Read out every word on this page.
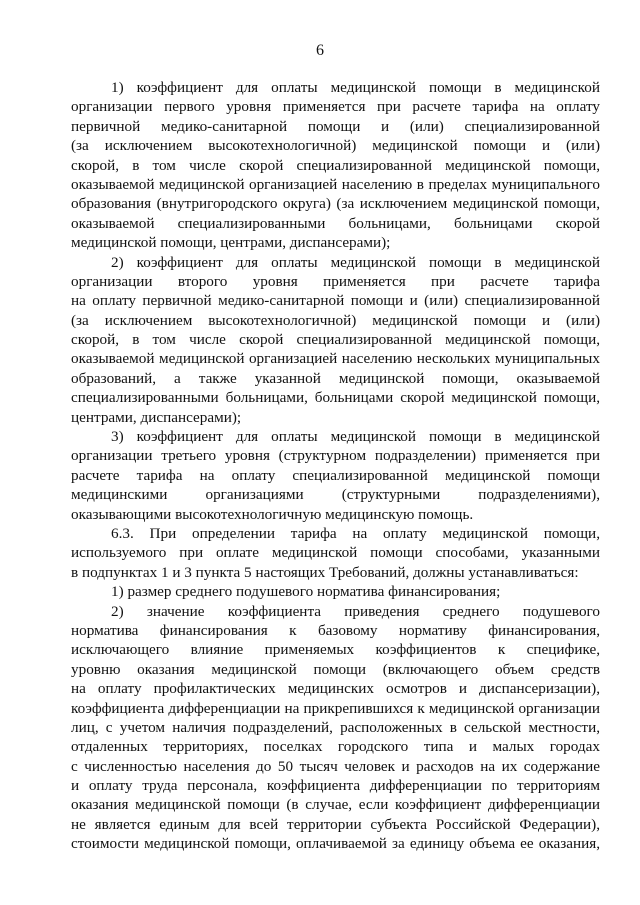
6
1) коэффициент для оплаты медицинской помощи в медицинской
организации первого уровня применяется при расчете тарифа на оплату
первичной медико-санитарной помощи и (или) специализированной
(за исключением высокотехнологичной) медицинской помощи и (или)
скорой, в том числе скорой специализированной медицинской помощи,
оказываемой медицинской организацией населению в пределах муниципального
образования (внутригородского округа) (за исключением медицинской помощи,
оказываемой специализированными больницами, больницами скорой
медицинской помощи, центрами, диспансерами);
2) коэффициент для оплаты медицинской помощи в медицинской
организации второго уровня применяется при расчете тарифа
на оплату первичной медико-санитарной помощи и (или) специализированной
(за исключением высокотехнологичной) медицинской помощи и (или)
скорой, в том числе скорой специализированной медицинской помощи,
оказываемой медицинской организацией населению нескольких муниципальных
образований, а также указанной медицинской помощи, оказываемой
специализированными больницами, больницами скорой медицинской помощи,
центрами, диспансерами);
3) коэффициент для оплаты медицинской помощи в медицинской
организации третьего уровня (структурном подразделении) применяется при
расчете тарифа на оплату специализированной медицинской помощи
медицинскими организациями (структурными подразделениями),
оказывающими высокотехнологичную медицинскую помощь.
6.3. При определении тарифа на оплату медицинской помощи,
используемого при оплате медицинской помощи способами, указанными
в подпунктах 1 и 3 пункта 5 настоящих Требований, должны устанавливаться:
1) размер среднего подушевого норматива финансирования;
2) значение коэффициента приведения среднего подушевого
норматива финансирования к базовому нормативу финансирования,
исключающего влияние применяемых коэффициентов к специфике,
уровню оказания медицинской помощи (включающего объем средств
на оплату профилактических медицинских осмотров и диспансеризации),
коэффициента дифференциации на прикрепившихся к медицинской организации
лиц, с учетом наличия подразделений, расположенных в сельской местности,
отдаленных территориях, поселках городского типа и малых городах
с численностью населения до 50 тысяч человек и расходов на их содержание
и оплату труда персонала, коэффициента дифференциации по территориям
оказания медицинской помощи (в случае, если коэффициент дифференциации
не является единым для всей территории субъекта Российской Федерации),
стоимости медицинской помощи, оплачиваемой за единицу объема ее оказания,
